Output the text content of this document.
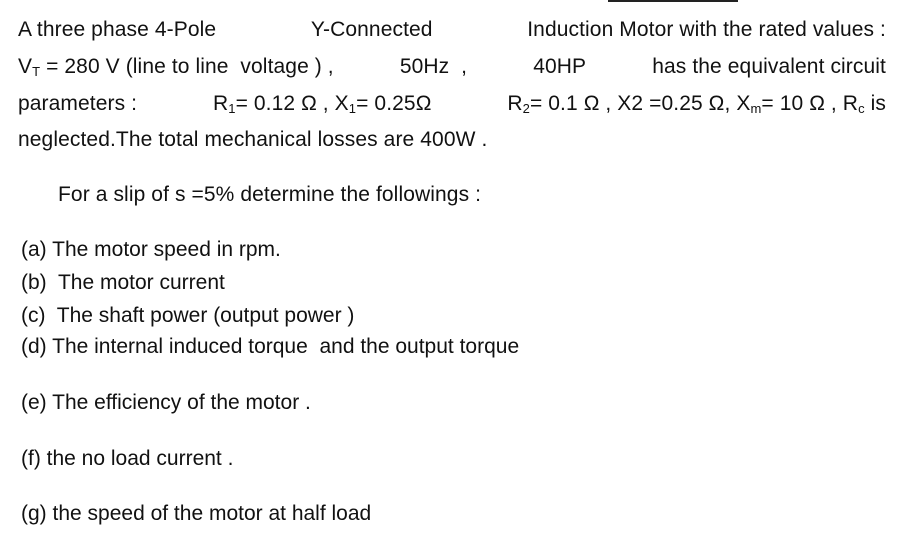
A three phase 4-Pole	Y-Connected	Induction Motor with the rated values :
$V_T = 280$ V (line to line  voltage ) ,	50Hz  ,	40HP	has the equivalent circuit
parameters :	$R_1= 0.12$ Ω , $X_1= 0.25\Omega$	$R_2= 0.1$ Ω , X2 =0.25 Ω, $X_m= 10$ Ω , $R_c$ is
neglected.The total mechanical losses are 400W .
For a slip of s =5% determine the followings :
(a) The motor speed in rpm.
(b)  The motor current
(c)  The shaft power (output power )
(d) The internal induced torque  and the output torque
(e) The efficiency of the motor .
(f) the no load current .
(g) the speed of the motor at half load
